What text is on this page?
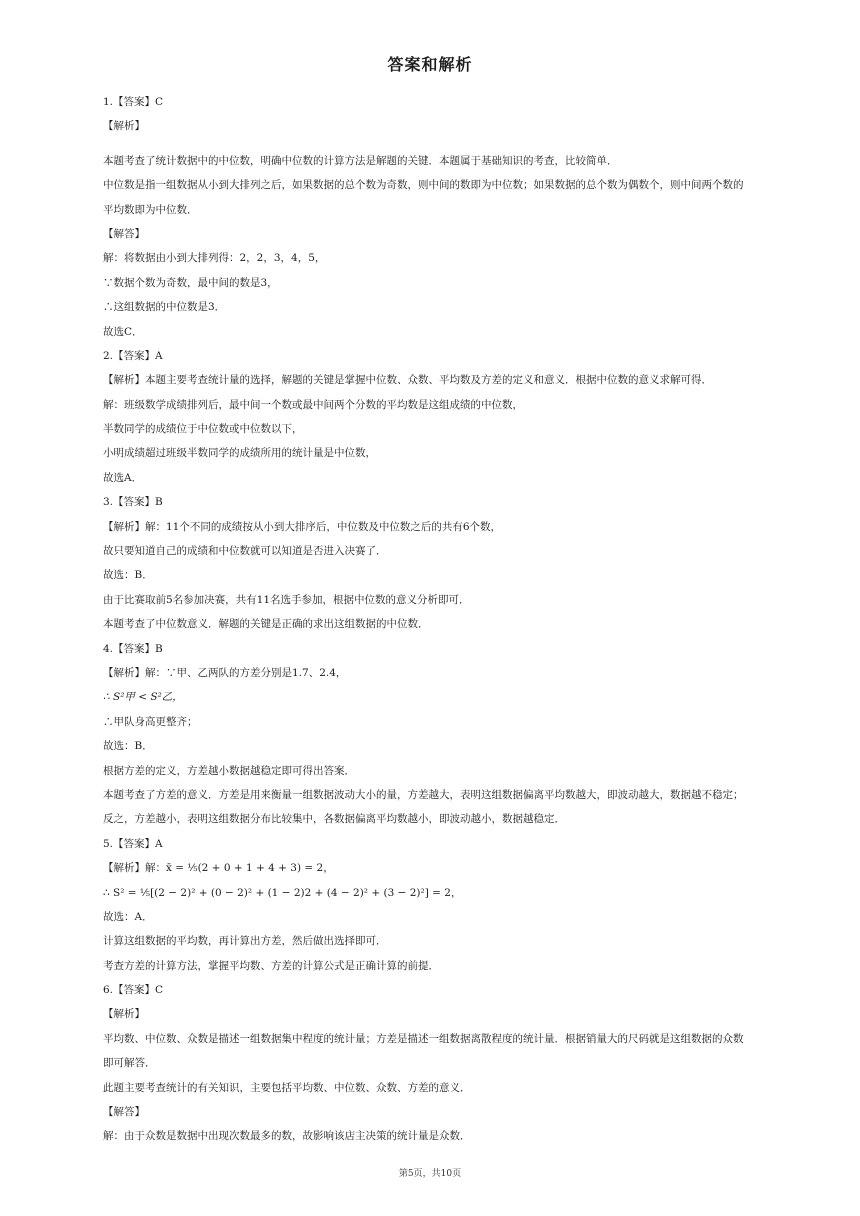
答案和解析
1.【答案】C
【解析】
本题考查了统计数据中的中位数，明确中位数的计算方法是解题的关键．本题属于基础知识的考查，比较简单．
中位数是指一组数据从小到大排列之后，如果数据的总个数为奇数，则中间的数即为中位数；如果数据的总个数为偶数个，则中间两个数的
平均数即为中位数．
【解答】
解：将数据由小到大排列得：2，2，3，4，5，
∵数据个数为奇数，最中间的数是3，
∴这组数据的中位数是3．
故选C．
2.【答案】A
【解析】本题主要考查统计量的选择，解题的关键是掌握中位数、众数、平均数及方差的定义和意义．根据中位数的意义求解可得．
解：班级数学成绩排列后，最中间一个数或最中间两个分数的平均数是这组成绩的中位数，
半数同学的成绩位于中位数或中位数以下，
小明成绩超过班级半数同学的成绩所用的统计量是中位数，
故选A．
3.【答案】B
【解析】解：11个不同的成绩按从小到大排序后，中位数及中位数之后的共有6个数，
故只要知道自己的成绩和中位数就可以知道是否进入决赛了．
故选：B．
由于比赛取前5名参加决赛，共有11名选手参加，根据中位数的意义分析即可．
本题考查了中位数意义．解题的关键是正确的求出这组数据的中位数．
4.【答案】B
【解析】解：∵甲、乙两队的方差分别是1.7、2.4，
∴ S²甲 < S²乙，
∴甲队身高更整齐；
故选：B．
根据方差的定义，方差越小数据越稳定即可得出答案．
本题考查了方差的意义．方差是用来衡量一组数据波动大小的量，方差越大，表明这组数据偏离平均数越大，即波动越大，数据越不稳定；
反之，方差越小，表明这组数据分布比较集中，各数据偏离平均数越小，即波动越小，数据越稳定．
5.【答案】A
【解析】解：x̄ = ⅕(2 + 0 + 1 + 4 + 3) = 2，
∴ S² = ⅕[(2 − 2)² + (0 − 2)² + (1 − 2)2 + (4 − 2)² + (3 − 2)²] = 2，
故选：A．
计算这组数据的平均数，再计算出方差，然后做出选择即可．
考查方差的计算方法，掌握平均数、方差的计算公式是正确计算的前提．
6.【答案】C
【解析】
平均数、中位数、众数是描述一组数据集中程度的统计量；方差是描述一组数据离散程度的统计量．根据销量大的尺码就是这组数据的众数
即可解答．
此题主要考查统计的有关知识，主要包括平均数、中位数、众数、方差的意义．
【解答】
解：由于众数是数据中出现次数最多的数，故影响该店主决策的统计量是众数．
第5页，共10页
